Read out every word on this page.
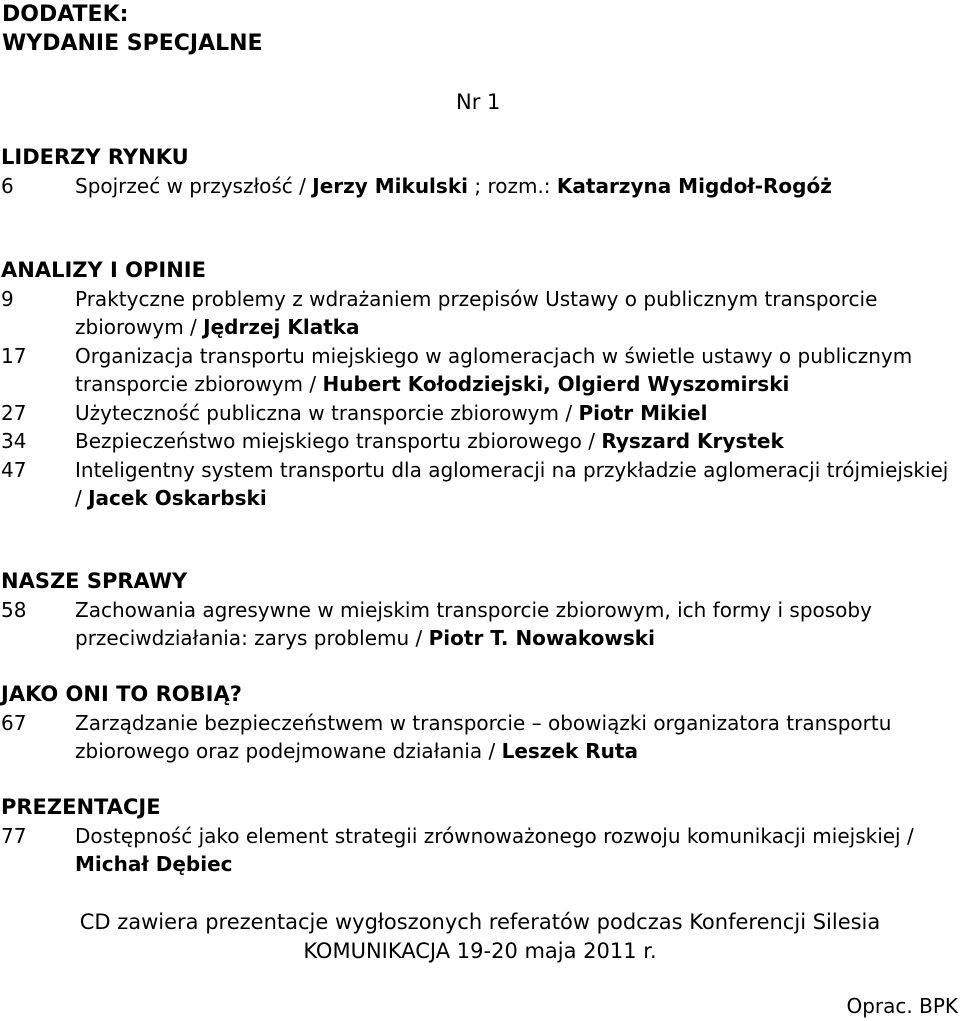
DODATEK:
WYDANIE SPECJALNE
Nr 1
LIDERZY RYNKU
6	Spojrzeć w przyszłość / Jerzy Mikulski ; rozm.: Katarzyna Migdoł-Rogóż
ANALIZY I OPINIE
9	Praktyczne problemy z wdrażaniem przepisów Ustawy o publicznym transporcie zbiorowym / Jędrzej Klatka
17	Organizacja transportu miejskiego w aglomeracjach w świetle ustawy o publicznym transporcie zbiorowym / Hubert Kołodziejski, Olgierd Wyszomirski
27	Użyteczność publiczna w transporcie zbiorowym / Piotr Mikiel
34	Bezpieczeństwo miejskiego transportu zbiorowego / Ryszard Krystek
47	Inteligentny system transportu dla aglomeracji na przykładzie aglomeracji trójmiejskiej / Jacek Oskarbski
NASZE SPRAWY
58	Zachowania agresywne w miejskim transporcie zbiorowym, ich formy i sposoby przeciwdziałania: zarys problemu / Piotr T. Nowakowski
JAKO ONI TO ROBIĄ?
67	Zarządzanie bezpieczeństwem w transporcie – obowiązki organizatora transportu zbiorowego oraz podejmowane działania / Leszek Ruta
PREZENTACJE
77	Dostępność jako element strategii zrównoważonego rozwoju komunikacji miejskiej / Michał Dębiec
CD zawiera prezentacje wygłoszonych referatów podczas Konferencji Silesia
KOMUNIKACJA 19-20 maja 2011 r.
Oprac. BPK
